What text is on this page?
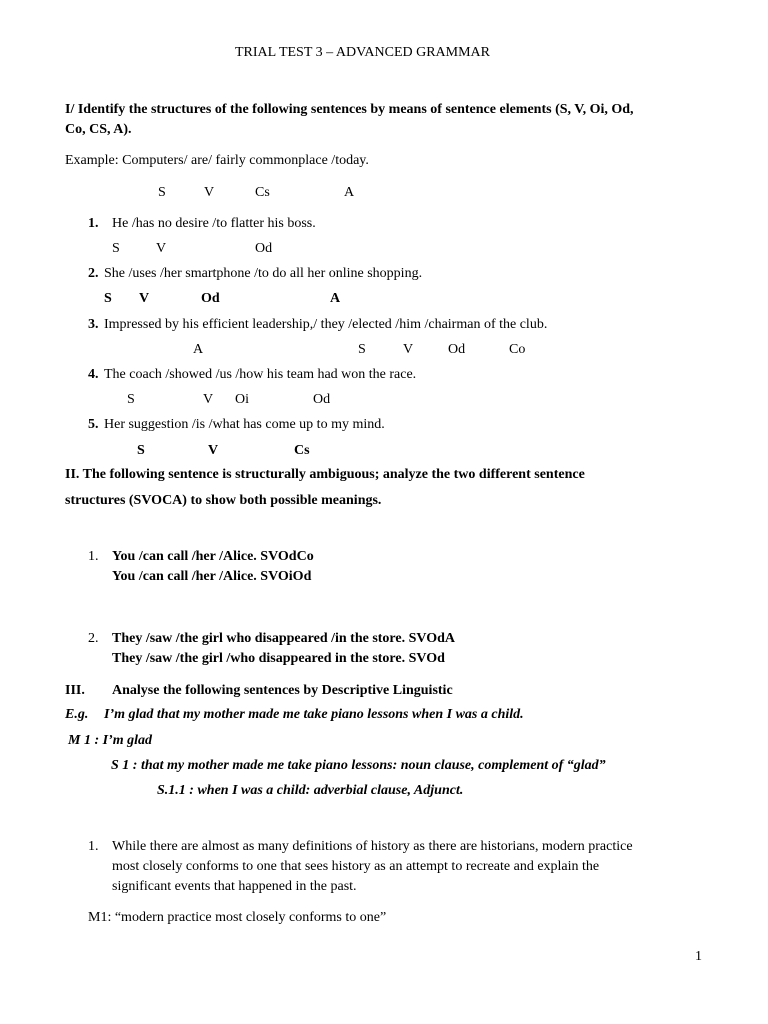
TRIAL TEST 3 – ADVANCED GRAMMAR
I/ Identify the structures of the following sentences by means of sentence elements (S, V, Oi, Od,
Co, CS, A).
Example: Computers/ are/ fairly commonplace /today.
S	V	Cs	A
1. He /has no desire /to flatter his boss.
S	V	Od
2. She /uses /her smartphone /to do all her online shopping.
S V	Od	A
3. Impressed by his efficient leadership,/ they /elected /him /chairman of the club.
A	S	V Od	Co
4. The coach /showed /us /how his team had won the race.
S	V Oi	Od
5. Her suggestion /is /what has come up to my mind.
S	V	Cs
II. The following sentence is structurally ambiguous; analyze the two different sentence
structures (SVOCA) to show both possible meanings.
1. You /can call /her /Alice. SVOdCo
You /can call /her /Alice. SVOiOd
2. They /saw /the girl who disappeared /in the store. SVOdA
They /saw /the girl /who disappeared in the store. SVOd
III. Analyse the following sentences by Descriptive Linguistic
E.g. I’m glad that my mother made me take piano lessons when I was a child.
M 1 : I’m glad
S 1 : that my mother made me take piano lessons: noun clause, complement of “glad”
S.1.1 : when I was a child: adverbial clause, Adjunct.
1. While there are almost as many definitions of history as there are historians, modern practice
most closely conforms to one that sees history as an attempt to recreate and explain the
significant events that happened in the past.
M1: “modern practice most closely conforms to one”
1
